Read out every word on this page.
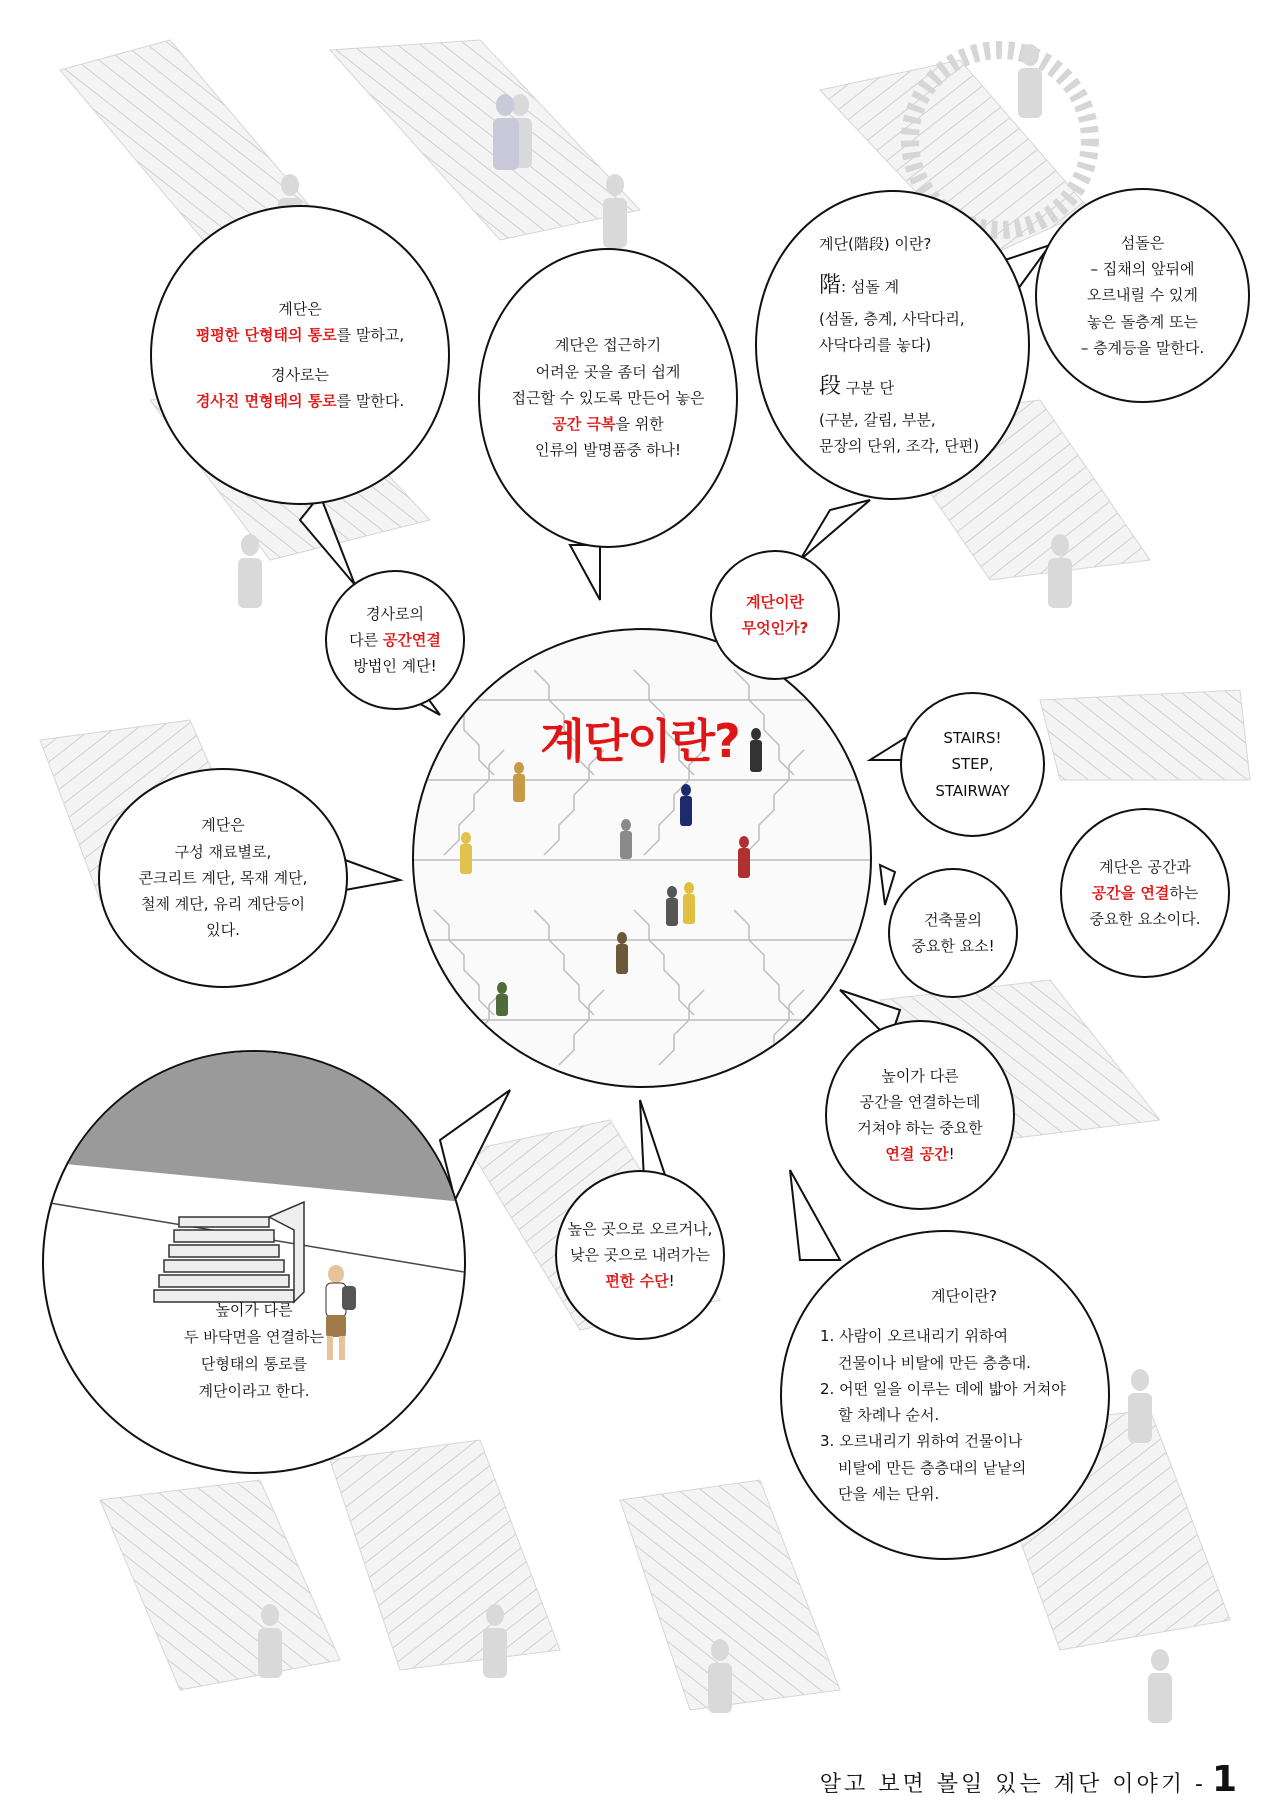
계단이란?
계단은
평평한 단형태의 통로를 말하고,
경사로는
경사진 면형태의 통로를 말한다.
계단은 접근하기
어려운 곳을 좀더 쉽게
접근할 수 있도록 만든어 놓은
공간 극복을 위한
인류의 발명품중 하나!
계단(階段) 이란?
階: 섬돌 계
(섬돌, 층계, 사닥다리,
사닥다리를 놓다)
段 구분 단
(구분, 갈림, 부분,
문장의 단위, 조각, 단편)
섬돌은
– 집채의 앞뒤에
오르내릴 수 있게
놓은 돌층계 또는
– 층계등을 말한다.
경사로의
다른 공간연결
방법인 계단!
계단이란
무엇인가?
STAIRS!
STEP,
STAIRWAY
계단은
구성 재료별로,
콘크리트 계단, 목재 계단,
철제 계단, 유리 계단등이
있다.
건축물의
중요한 요소!
계단은 공간과
공간을 연결하는
중요한 요소이다.
높이가 다른
공간을 연결하는데
거쳐야 하는 중요한
연결 공간!
높은 곳으로 오르거나,
낮은 곳으로 내려가는
편한 수단!
높이가 다른
두 바닥면을 연결하는
단형태의 통로를
계단이라고 한다.
계단이란?
1. 사람이 오르내리기 위하여
건물이나 비탈에 만든 층층대.
2. 어떤 일을 이루는 데에 밟아 거쳐야
할 차례나 순서.
3. 오르내리기 위하여 건물이나
비탈에 만든 층층대의 낱낱의
단을 세는 단위.
알고 보면 볼일 있는 계단 이야기 - 1
